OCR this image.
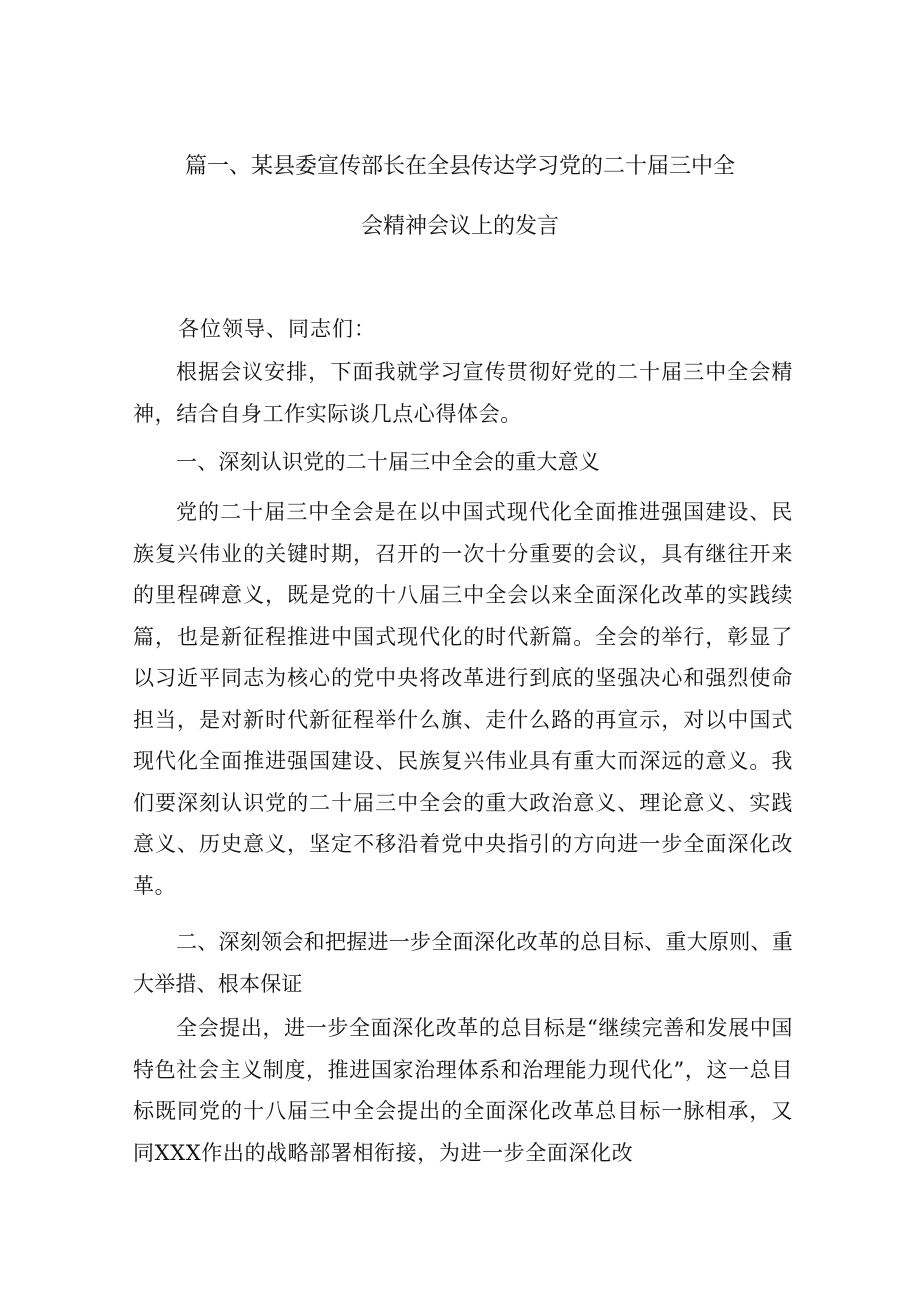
篇一、某县委宣传部长在全县传达学习党的二十届三中全
会精神会议上的发言
各位领导、同志们：

根据会议安排，下面我就学习宣传贯彻好党的二十届三中全会精神，结合自身工作实际谈几点心得体会。

一、深刻认识党的二十届三中全会的重大意义

党的二十届三中全会是在以中国式现代化全面推进强国建设、民族复兴伟业的关键时期，召开的一次十分重要的会议，具有继往开来的里程碑意义，既是党的十八届三中全会以来全面深化改革的实践续篇，也是新征程推进中国式现代化的时代新篇。全会的举行，彰显了以习近平同志为核心的党中央将改革进行到底的坚强决心和强烈使命担当，是对新时代新征程举什么旗、走什么路的再宣示，对以中国式现代化全面推进强国建设、民族复兴伟业具有重大而深远的意义。我们要深刻认识党的二十届三中全会的重大政治意义、理论意义、实践意义、历史意义，坚定不移沿着党中央指引的方向进一步全面深化改革。

二、深刻领会和把握进一步全面深化改革的总目标、重大原则、重大举措、根本保证

全会提出，进一步全面深化改革的总目标是“继续完善和发展中国特色社会主义制度，推进国家治理体系和治理能力现代化”，这一总目标既同党的十八届三中全会提出的全面深化改革总目标一脉相承，又同XXX作出的战略部署相衔接，为进一步全面深化改
